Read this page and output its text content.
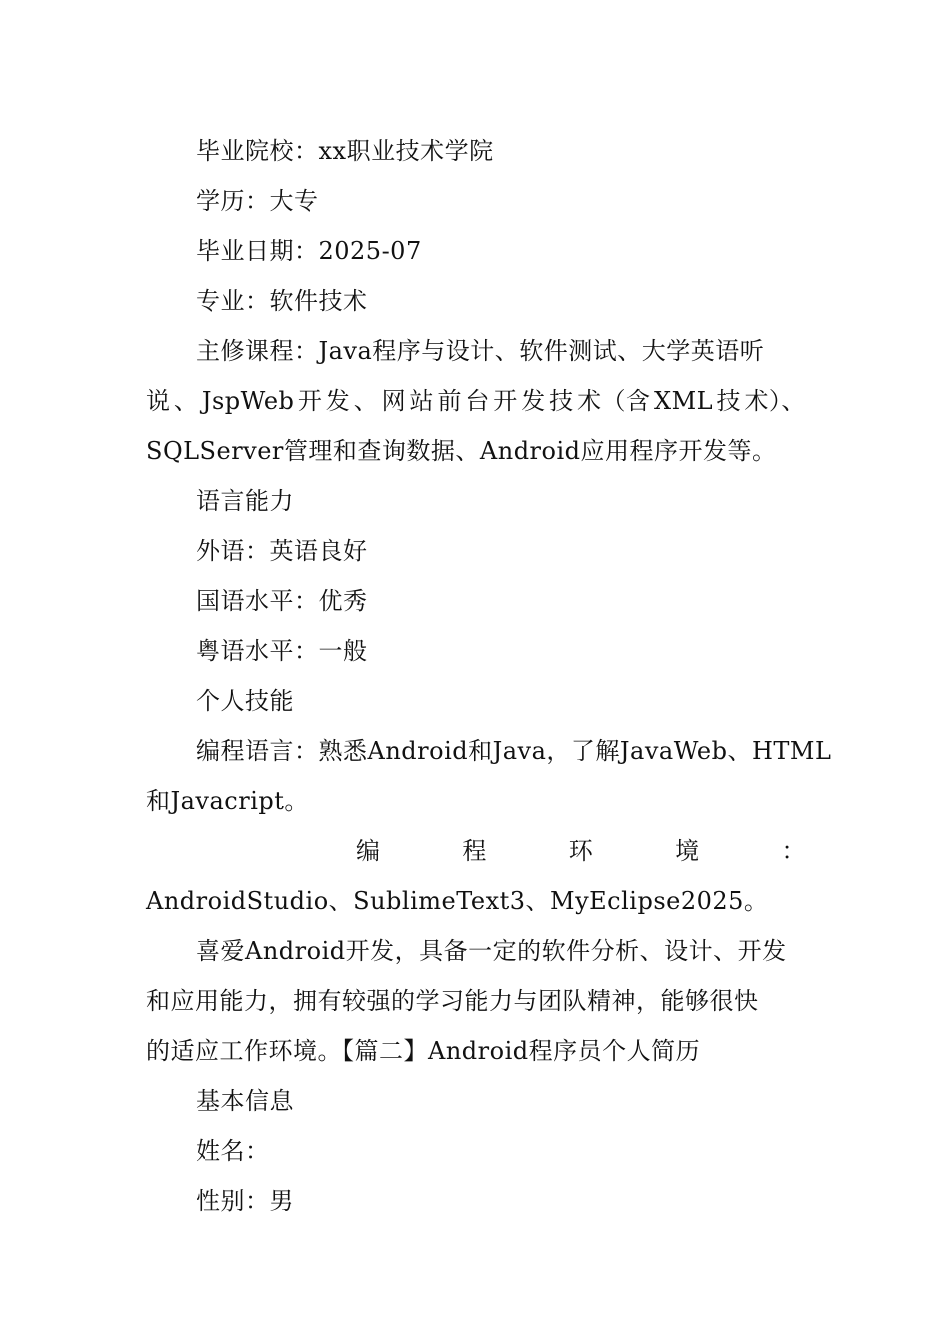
毕业院校：xx职业技术学院
学历：大专
毕业日期：2025-07
专业：软件技术
主修课程：Java程序与设计、软件测试、大学英语听
说 、 JspWeb 开 发 、 网 站 前 台 开 发 技 术（含 XML 技 术）、
SQLServer管理和查询数据、Android应用程序开发等。
语言能力
外语：英语良好
国语水平：优秀
粤语水平：一般
个人技能
编程语言：熟悉Android和Java，了解JavaWeb、HTML
和Javacript。
编	程	环	境	：
AndroidStudio、SublimeText3、MyEclipse2025。
喜爱Android开发，具备一定的软件分析、设计、开发
和应用能力，拥有较强的学习能力与团队精神，能够很快
的适应工作环境。【篇二】Android程序员个人简历
基本信息
姓名：
性别：男
